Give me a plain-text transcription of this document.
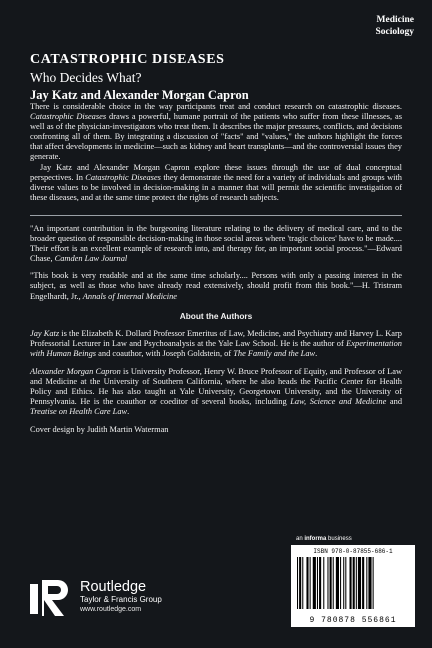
Medicine
Sociology
CATASTROPHIC DISEASES
Who Decides What?
Jay Katz and Alexander Morgan Capron

There is considerable choice in the way participants treat and conduct research on catastrophic diseases. Catastrophic Diseases draws a powerful, humane portrait of the patients who suffer from these illnesses, as well as of the physician-investigators who treat them. It describes the major pressures, conflicts, and decisions confronting all of them. By integrating a discussion of "facts" and "values," the authors highlight the forces that affect developments in medicine—such as kidney and heart transplants—and the controversial issues they generate.

Jay Katz and Alexander Morgan Capron explore these issues through the use of dual conceptual perspectives. In Catastrophic Diseases they demonstrate the need for a variety of individuals and groups with diverse values to be involved in decision-making in a manner that will permit the scientific investigation of these diseases, and at the same time protect the rights of research subjects.

"An important contribution in the burgeoning literature relating to the delivery of medical care, and to the broader question of responsible decision-making in those social areas where 'tragic choices' have to be made.... Their effort is an excellent example of research into, and therapy for, an important social process."—Edward Chase, Camden Law Journal

"This book is very readable and at the same time scholarly.... Persons with only a passing interest in the subject, as well as those who have already read extensively, should profit from this book."—H. Tristram Engelhardt, Jr., Annals of Internal Medicine

About the Authors

Jay Katz is the Elizabeth K. Dollard Professor Emeritus of Law, Medicine, and Psychiatry and Harvey L. Karp Professorial Lecturer in Law and Psychoanalysis at the Yale Law School. He is the author of Experimentation with Human Beings and coauthor, with Joseph Goldstein, of The Family and the Law.

Alexander Morgan Capron is University Professor, Henry W. Bruce Professor of Equity, and Professor of Law and Medicine at the University of Southern California, where he also heads the Pacific Center for Health Policy and Ethics. He has also taught at Yale University, Georgetown University, and the University of Pennsylvania. He is the coauthor or coeditor of several books, including Law, Science and Medicine and Treatise on Health Care Law.

Cover design by Judith Martin Waterman

an informa business
Routledge
Taylor & Francis Group
www.routledge.com
ISBN 978-0-87855-686-1
9 780878 556861
